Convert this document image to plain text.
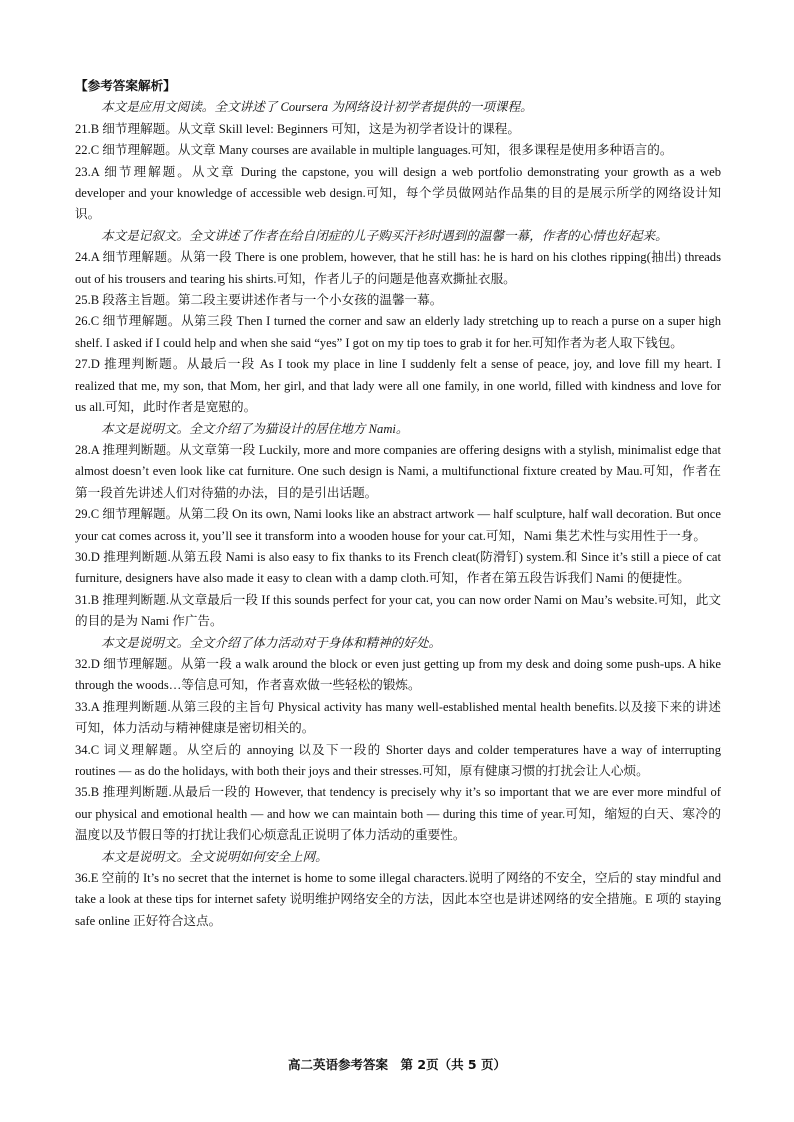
【参考答案解析】
本文是应用文阅读。全文讲述了 Coursera 为网络设计初学者提供的一项课程。
21.B 细节理解题。从文章 Skill level: Beginners 可知，这是为初学者设计的课程。
22.C 细节理解题。从文章 Many courses are available in multiple languages.可知，很多课程是使用多种语言的。
23.A 细节理解题。从文章 During the capstone, you will design a web portfolio demonstrating your growth as a web developer and your knowledge of accessible web design.可知，每个学员做网站作品集的目的是展示所学的网络设计知识。
本文是记叙文。全文讲述了作者在给自闭症的儿子购买汗衫时遇到的温馨一幕，作者的心情也好起来。
24.A 细节理解题。从第一段 There is one problem, however, that he still has: he is hard on his clothes ripping(抽出) threads out of his trousers and tearing his shirts.可知，作者儿子的问题是他喜欢撕扯衣服。
25.B 段落主旨题。第二段主要讲述作者与一个小女孩的温馨一幕。
26.C 细节理解题。从第三段 Then I turned the corner and saw an elderly lady stretching up to reach a purse on a super high shelf. I asked if I could help and when she said “yes” I got on my tip toes to grab it for her.可知作者为老人取下钱包。
27.D 推理判断题。从最后一段 As I took my place in line I suddenly felt a sense of peace, joy, and love fill my heart. I realized that me, my son, that Mom, her girl, and that lady were all one family, in one world, filled with kindness and love for us all.可知，此时作者是宽慰的。
本文是说明文。全文介绍了为猫设计的居住地方 Nami。
28.A 推理判断题。从文章第一段 Luckily, more and more companies are offering designs with a stylish, minimalist edge that almost doesn’t even look like cat furniture. One such design is Nami, a multifunctional fixture created by Mau.可知，作者在第一段首先讲述人们对待猫的办法，目的是引出话题。
29.C 细节理解题。从第二段 On its own, Nami looks like an abstract artwork — half sculpture, half wall decoration. But once your cat comes across it, you’ll see it transform into a wooden house for your cat.可知，Nami 集艺术性与实用性于一身。
30.D 推理判断题.从第五段 Nami is also easy to fix thanks to its French cleat(防滑钉) system.和 Since it’s still a piece of cat furniture, designers have also made it easy to clean with a damp cloth.可知，作者在第五段告诉我们 Nami 的便捷性。
31.B 推理判断题.从文章最后一段 If this sounds perfect for your cat, you can now order Nami on Mau’s website.可知，此文的目的是为 Nami 作广告。
本文是说明文。全文介绍了体力活动对于身体和精神的好处。
32.D 细节理解题。从第一段 a walk around the block or even just getting up from my desk and doing some push-ups. A hike through the woods…等信息可知，作者喜欢做一些轻松的锻炼。
33.A 推理判断题.从第三段的主旨句 Physical activity has many well-established mental health benefits.以及接下来的讲述可知，体力活动与精神健康是密切相关的。
34.C 词义理解题。从空后的 annoying 以及下一段的 Shorter days and colder temperatures have a way of interrupting routines — as do the holidays, with both their joys and their stresses.可知，原有健康习惯的打扰会让人心烦。
35.B 推理判断题.从最后一段的 However, that tendency is precisely why it’s so important that we are ever more mindful of our physical and emotional health — and how we can maintain both — during this time of year.可知，缩短的白天、寒冷的温度以及节假日等的打扰让我们心烦意乱正说明了体力活动的重要性。
本文是说明文。全文说明如何安全上网。
36.E 空前的 It’s no secret that the internet is home to some illegal characters.说明了网络的不安全，空后的 stay mindful and take a look at these tips for internet safety 说明维护网络安全的方法，因此本空也是讲述网络的安全措施。E 项的 staying safe online 正好符合这点。
高二英语参考答案　第 2页（共 5 页）
